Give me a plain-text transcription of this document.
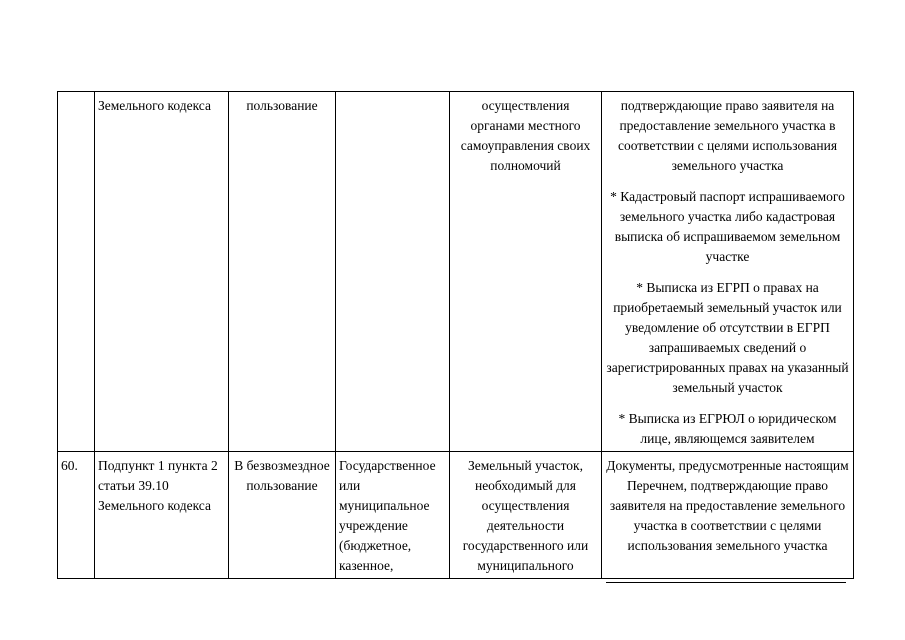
	Земельного кодекса	пользование		осуществления органами местного самоуправления своих полномочий	подтверждающие право заявителя на предоставление земельного участка в соответствии с целями использования земельного участка

* Кадастровый паспорт испрашиваемого земельного участка либо кадастровая выписка об испрашиваемом земельном участке

* Выписка из ЕГРП о правах на приобретаемый земельный участок или уведомление об отсутствии в ЕГРП запрашиваемых сведений о зарегистрированных правах на указанный земельный участок

* Выписка из ЕГРЮЛ о юридическом лице, являющемся заявителем

60.	Подпункт 1 пункта 2 статьи 39.10 Земельного кодекса	В безвозмездное пользование	Государственное или муниципальное учреждение (бюджетное, казенное,	Земельный участок, необходимый для осуществления деятельности государственного или муниципального	Документы, предусмотренные настоящим Перечнем, подтверждающие право заявителя на предоставление земельного участка в соответствии с целями использования земельного участка
